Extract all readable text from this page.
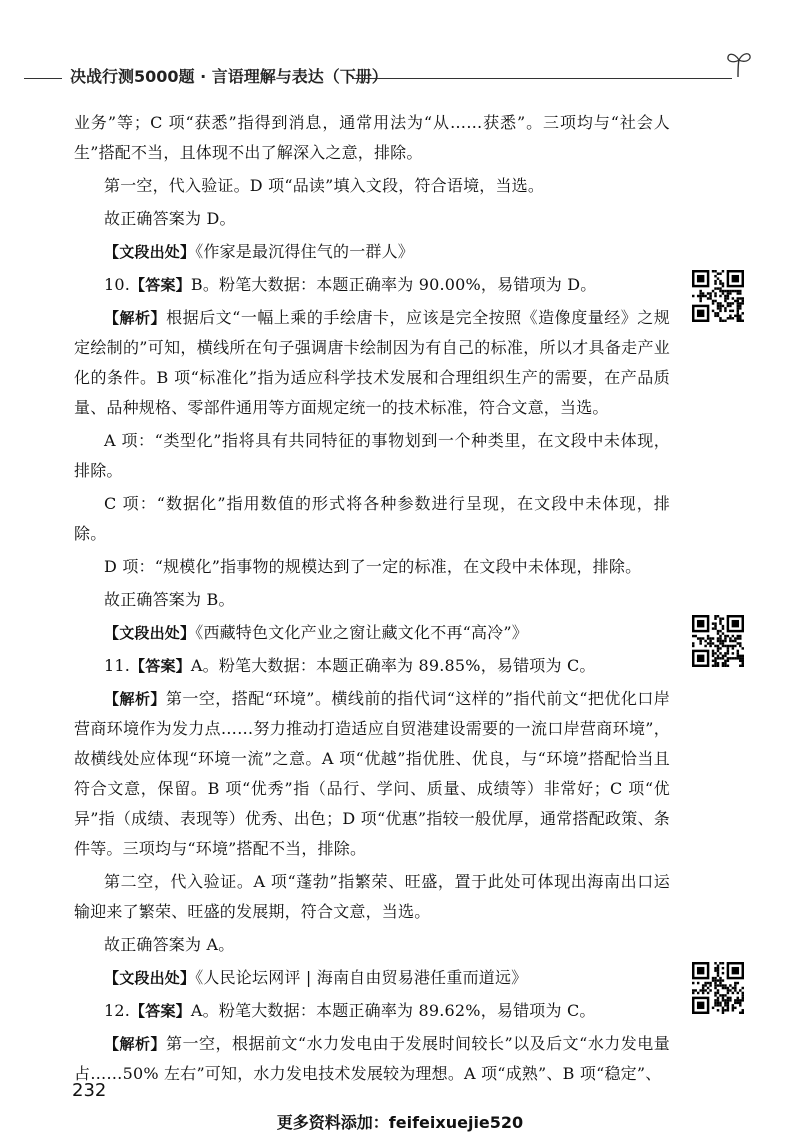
决战行测5000题 · 言语理解与表达（下册）

业务”等；C 项“获悉”指得到消息，通常用法为“从……获悉”。三项均与“社会人生”搭配不当，且体现不出了解深入之意，排除。

第一空，代入验证。D 项“品读”填入文段，符合语境，当选。

故正确答案为 D。

【文段出处】《作家是最沉得住气的一群人》

10.【答案】B。粉笔大数据：本题正确率为 90.00%，易错项为 D。

【解析】根据后文“一幅上乘的手绘唐卡，应该是完全按照《造像度量经》之规定绘制的”可知，横线所在句子强调唐卡绘制因为有自己的标准，所以才具备走产业化的条件。B 项“标准化”指为适应科学技术发展和合理组织生产的需要，在产品质量、品种规格、零部件通用等方面规定统一的技术标准，符合文意，当选。

A 项：“类型化”指将具有共同特征的事物划到一个种类里，在文段中未体现，排除。

C 项：“数据化”指用数值的形式将各种参数进行呈现，在文段中未体现，排除。

D 项：“规模化”指事物的规模达到了一定的标准，在文段中未体现，排除。

故正确答案为 B。

【文段出处】《西藏特色文化产业之窗让藏文化不再“高冷”》

11.【答案】A。粉笔大数据：本题正确率为 89.85%，易错项为 C。

【解析】第一空，搭配“环境”。横线前的指代词“这样的”指代前文“把优化口岸营商环境作为发力点……努力推动打造适应自贸港建设需要的一流口岸营商环境”，故横线处应体现“环境一流”之意。A 项“优越”指优胜、优良，与“环境”搭配恰当且符合文意，保留。B 项“优秀”指（品行、学问、质量、成绩等）非常好；C 项“优异”指（成绩、表现等）优秀、出色；D 项“优惠”指较一般优厚，通常搭配政策、条件等。三项均与“环境”搭配不当，排除。

第二空，代入验证。A 项“蓬勃”指繁荣、旺盛，置于此处可体现出海南出口运输迎来了繁荣、旺盛的发展期，符合文意，当选。

故正确答案为 A。

【文段出处】《人民论坛网评 | 海南自由贸易港任重而道远》

12.【答案】A。粉笔大数据：本题正确率为 89.62%，易错项为 C。

【解析】第一空，根据前文“水力发电由于发展时间较长”以及后文“水力发电量占……50% 左右”可知，水力发电技术发展较为理想。A 项“成熟”、B 项“稳定”、

232
更多资料添加：feifeixuejie520
